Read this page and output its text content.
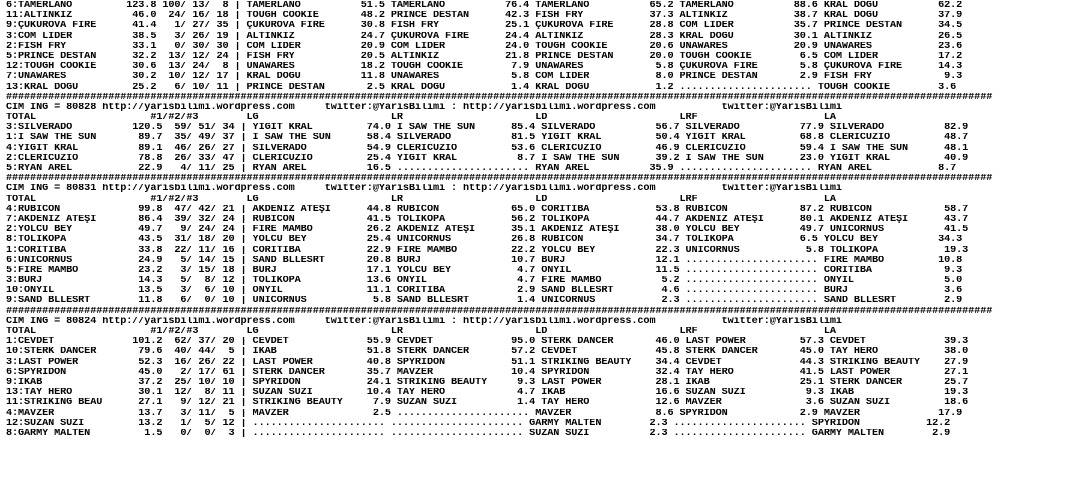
6:TAMERLANO         123.8 100/ 13/  8 | TAMERLANO          51.5 TAMERLANO          76.4 TAMERLANO          65.2 TAMERLANO          88.6 KRAL DOĞU          62.2
11:ALTINKIZ          46.0  24/ 16/ 18 | TOUGH COOKIE       48.2 PRINCE DESTAN      42.3 FISH FRY           37.3 ALTINKIZ           38.7 KRAL DOĞU          37.9
9:ÇUKUROVA FIRE      41.4   1/ 27/ 35 | ÇUKUROVA FIRE      30.8 FISH FRY           25.1 ÇUKUROVA FIRE      28.8 COM LIDER          35.7 PRINCE DESTAN      34.5
3:COM LIDER          38.5   3/ 26/ 19 | ALTINKIZ           24.7 ÇUKUROVA FIRE      24.4 ALTINKIZ           28.3 KRAL DOĞU          30.1 ALTINKIZ           26.5
2:FISH FRY           33.1   0/ 30/ 30 | COM LIDER          20.9 COM LIDER          24.0 TOUGH COOKIE       20.6 UNAWARES           20.9 UNAWARES           23.6
5:PRINCE DESTAN      32.2  13/ 12/ 24 | FISH FRY           20.5 ALTINKIZ           21.8 PRINCE DESTAN      20.0 TOUGH COOKIE        6.5 COM LIDER          17.2
12:TOUGH COOKIE      30.6  13/ 24/  8 | UNAWARES           18.2 TOUGH COOKIE        7.9 UNAWARES            5.8 ÇUKUROVA FIRE       5.8 ÇUKUROVA FIRE      14.3
7:UNAWARES           30.2  10/ 12/ 17 | KRAL DOĞU          11.8 UNAWARES            5.8 COM LIDER           8.0 PRINCE DESTAN       2.9 FISH FRY            9.3
13:KRAL DOĞU         25.2   6/ 10/ 11 | PRINCE DESTAN       2.5 KRAL DOĞU           1.4 KRAL DOĞU           1.2 ...................... TOUGH COOKIE        3.6
####################################################################################################################################################################
CIM ING = 80828 http://yarisbilimi.wordpress.com     twitter:@YarisBilimi : http://yarisbilimi.wordpress.com           twitter:@YarisBilimi
TOTAL                   #1/#2/#3        LG                      LR                      LD                      LRF                     LA
3:SILVERADO          120.5  59/ 51/ 34 | YİĞİT KRAL         74.0 I SAW THE SUN      85.4 SILVERADO          56.7 SILVERADO          77.9 SILVERADO          82.9
1:I SAW THE SUN       89.7  35/ 49/ 37 | I SAW THE SUN      58.4 SILVERADO          81.5 YİĞİT KRAL         50.4 YİĞİT KRAL         68.8 CLERICUZIO         48.7
4:YİĞİT KRAL          89.1  46/ 26/ 27 | SILVERADO          54.9 CLERICUZIO         53.6 CLERICUZIO         46.9 CLERICUZIO         59.4 I SAW THE SUN      48.1
2:CLERICUZIO          78.8  26/ 33/ 47 | CLERICUZIO         25.4 YİĞİT KRAL          8.7 I SAW THE SUN      39.2 I SAW THE SUN      23.0 YİĞİT KRAL         40.9
5:RYAN AREL           22.9   4/ 11/ 25 | RYAN AREL          16.5 ...................... RYAN AREL          35.9 ...................... RYAN AREL           8.7
####################################################################################################################################################################
CIM ING = 80831 http://yarisbilimi.wordpress.com     twitter:@YarisBilimi : http://yarisbilimi.wordpress.com           twitter:@YarisBilimi
TOTAL                   #1/#2/#3        LG                      LR                      LD                      LRF                     LA
4:RUBICON             99.8  47/ 42/ 21 | AKDENİZ ATEŞİ      44.8 RUBICON            65.0 CORITIBA           53.8 RUBICON            87.2 RUBICON            58.7
7:AKDENİZ ATEŞİ       86.4  39/ 32/ 24 | RUBICON            41.5 TOLİKOPA           56.2 TOLİKOPA           44.7 AKDENİZ ATEŞİ      80.1 AKDENİZ ATEŞİ      43.7
2:YOLCU BEY           49.7   9/ 24/ 24 | FIRE MAMBO         26.2 AKDENİZ ATEŞİ      35.1 AKDENİZ ATEŞİ      38.0 YOLCU BEY          49.7 UNICORNUS          41.5
8:TOLİKOPA            43.5  31/ 18/ 20 | YOLCU BEY          25.4 UNICORNUS          26.8 RUBICON            34.7 TOLİKOPA           6.5 YOLCU BEY          34.3
1:CORITIBA            33.8  22/ 11/ 16 | CORITIBA           22.9 FIRE MAMBO         22.2 YOLCU BEY          22.3 UNICORNUS           5.8 TOLİKOPA           19.3
6:UNICORNUS           24.9   5/ 14/ 15 | SAND BLLESRT       20.8 BURJ               10.7 BURJ               12.1 ...................... FIRE MAMBO         10.8
5:FIRE MAMBO          23.2   3/ 15/ 18 | BURJ               17.1 YOLCU BEY           4.7 ONYIL              11.5 ...................... CORITIBA            9.3
3:BURJ                14.3   5/  8/ 12 | TOLİKOPA           13.6 ONYIL               4.7 FIRE MAMBO          5.2 ...................... ONYIL               5.0
10:ONYIL              13.5   3/  6/ 10 | ONYIL              11.1 CORITIBA            2.9 SAND BLLESRT        4.6 ...................... BURJ                3.6
9:SAND BLLESRT        11.8   6/  0/ 10 | UNICORNUS           5.8 SAND BLLESRT        1.4 UNICORNUS           2.3 ...................... SAND BLLESRT        2.9
####################################################################################################################################################################
CIM ING = 80824 http://yarisbilimi.wordpress.com     twitter:@YarisBilimi : http://yarisbilimi.wordpress.com           twitter:@YarisBilimi
TOTAL                   #1/#2/#3        LG                      LR                      LD                      LRF                     LA
1:CEVDET             101.2  62/ 37/ 20 | CEVDET             55.9 CEVDET             95.0 STERK DANCER       46.0 LAST POWER         57.3 CEVDET             39.3
10:STERK DANCER       79.6  40/ 44/  5 | İKAB               51.8 STERK DANCER       57.2 CEVDET             45.8 STERK DANCER       45.0 TAY HERO           38.0
3:LAST POWER          52.3  16/ 26/ 22 | LAST POWER         40.8 SPYRIDON           51.1 STRIKING BEAUTY    34.4 CEVDET             44.3 STRIKING BEAUTY    27.9
6:SPYRIDON            45.0   2/ 17/ 61 | STERK DANCER       35.7 MAVZER             10.4 SPYRIDON           32.4 TAY HERO           41.5 LAST POWER         27.1
9:İKAB                37.2  25/ 10/ 10 | SPYRIDON           24.1 STRIKING BEAUTY     9.3 LAST POWER         28.1 İKAB               25.1 STERK DANCER       25.7
13:TAY HERO           30.1  12/  8/ 11 | SUZAN SUZİ         10.4 TAY HERO            4.7 İKAB               16.6 SUZAN SUZİ          9.3 İKAB               19.3
11:STRIKING BEAU      27.1   9/ 12/ 21 | STRIKING BEAUTY     7.9 SUZAN SUZİ          1.4 TAY HERO           12.6 MAVZER              3.6 SUZAN SUZİ         18.6
4:MAVZER              13.7   3/ 11/  5 | MAVZER              2.5 ...................... MAVZER              8.6 SPYRIDON            2.9 MAVZER             17.9
12:SUZAN SUZİ         13.2   1/  5/ 12 | ...................... ...................... GARMY MALTEN        2.3 ...................... SPYRIDON           12.2
8:GARMY MALTEN         1.5   0/  0/  3 | ...................... ...................... SUZAN SUZİ          2.3 ...................... GARMY MALTEN        2.9
